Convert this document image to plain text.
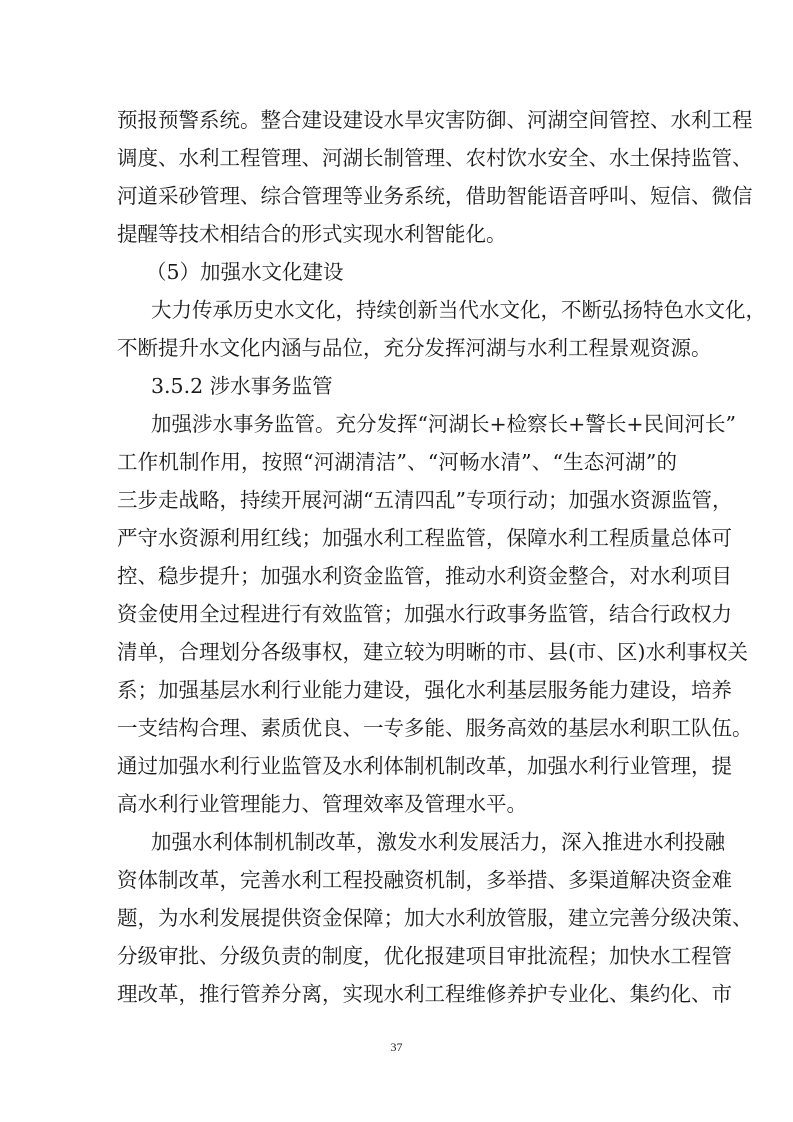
预报预警系统。整合建设建设水旱灾害防御、河湖空间管控、水利工程
调度、水利工程管理、河湖长制管理、农村饮水安全、水土保持监管、
河道采砂管理、综合管理等业务系统，借助智能语音呼叫、短信、微信
提醒等技术相结合的形式实现水利智能化。
（5）加强水文化建设
大力传承历史水文化，持续创新当代水文化，不断弘扬特色水文化，
不断提升水文化内涵与品位，充分发挥河湖与水利工程景观资源。
3.5.2 涉水事务监管
加强涉水事务监管。充分发挥“河湖长+检察长+警长+民间河长”
工作机制作用，按照“河湖清洁”、“河畅水清”、“生态河湖”的
三步走战略，持续开展河湖“五清四乱”专项行动；加强水资源监管，
严守水资源利用红线；加强水利工程监管，保障水利工程质量总体可
控、稳步提升；加强水利资金监管，推动水利资金整合，对水利项目
资金使用全过程进行有效监管；加强水行政事务监管，结合行政权力
清单，合理划分各级事权，建立较为明晰的市、县(市、区)水利事权关
系；加强基层水利行业能力建设，强化水利基层服务能力建设，培养
一支结构合理、素质优良、一专多能、服务高效的基层水利职工队伍。
通过加强水利行业监管及水利体制机制改革，加强水利行业管理，提
高水利行业管理能力、管理效率及管理水平。
加强水利体制机制改革，激发水利发展活力，深入推进水利投融
资体制改革，完善水利工程投融资机制，多举措、多渠道解决资金难
题，为水利发展提供资金保障；加大水利放管服，建立完善分级决策、
分级审批、分级负责的制度，优化报建项目审批流程；加快水工程管
理改革，推行管养分离，实现水利工程维修养护专业化、集约化、市
37
